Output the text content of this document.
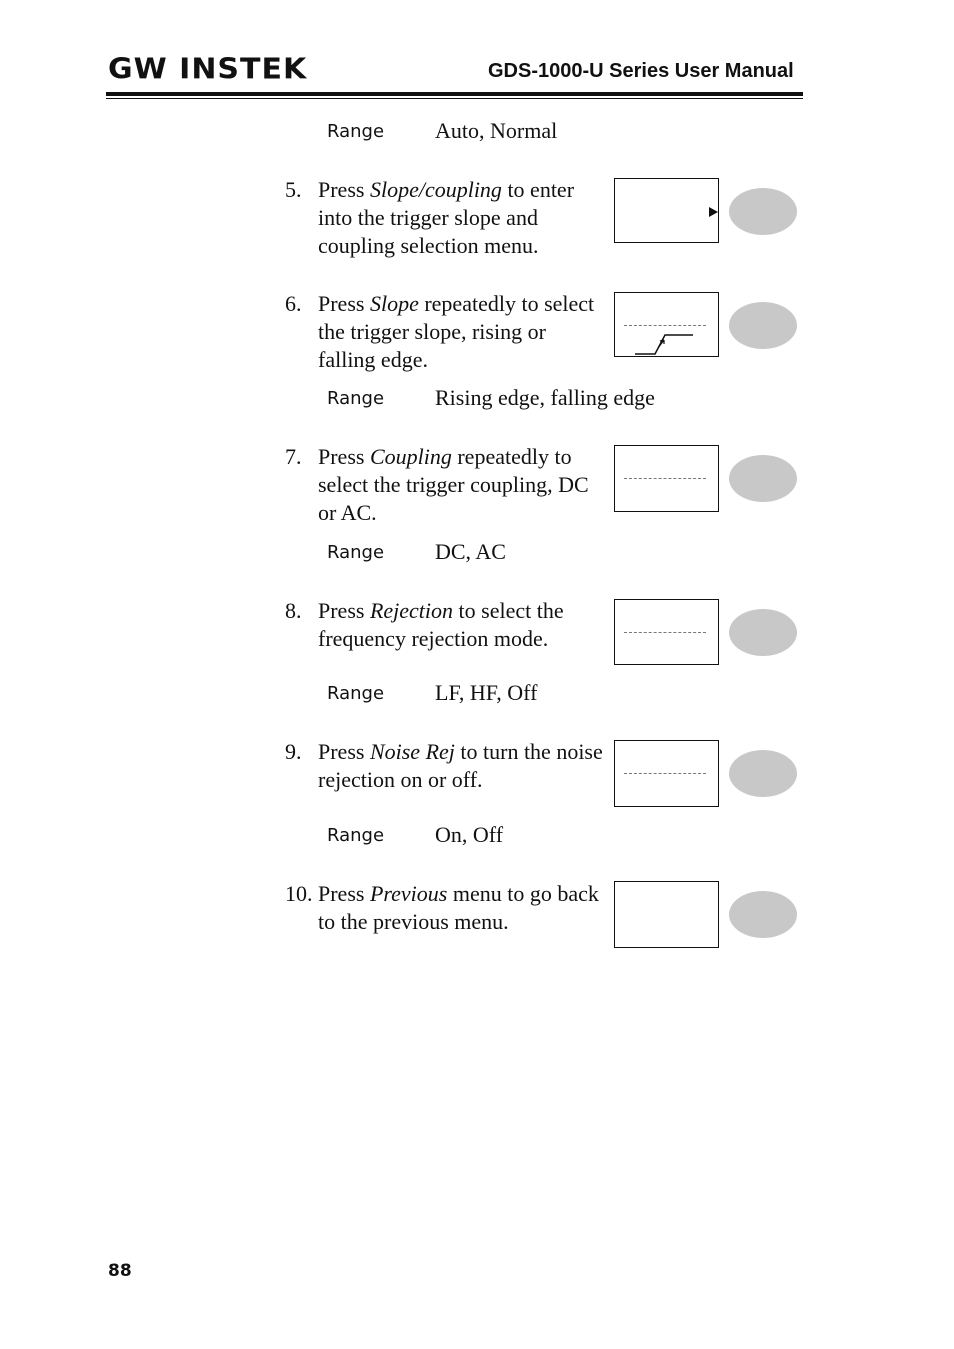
GW INSTEK	GDS-1000-U Series User Manual
Range Auto, Normal
5. Press Slope/coupling to enter into the trigger slope and coupling selection menu.
6. Press Slope repeatedly to select the trigger slope, rising or falling edge.
Range Rising edge, falling edge
7. Press Coupling repeatedly to select the trigger coupling, DC or AC.
Range DC, AC
8. Press Rejection to select the frequency rejection mode.
Range LF, HF, Off
9. Press Noise Rej to turn the noise rejection on or off.
Range On, Off
10. Press Previous menu to go back to the previous menu.
88
